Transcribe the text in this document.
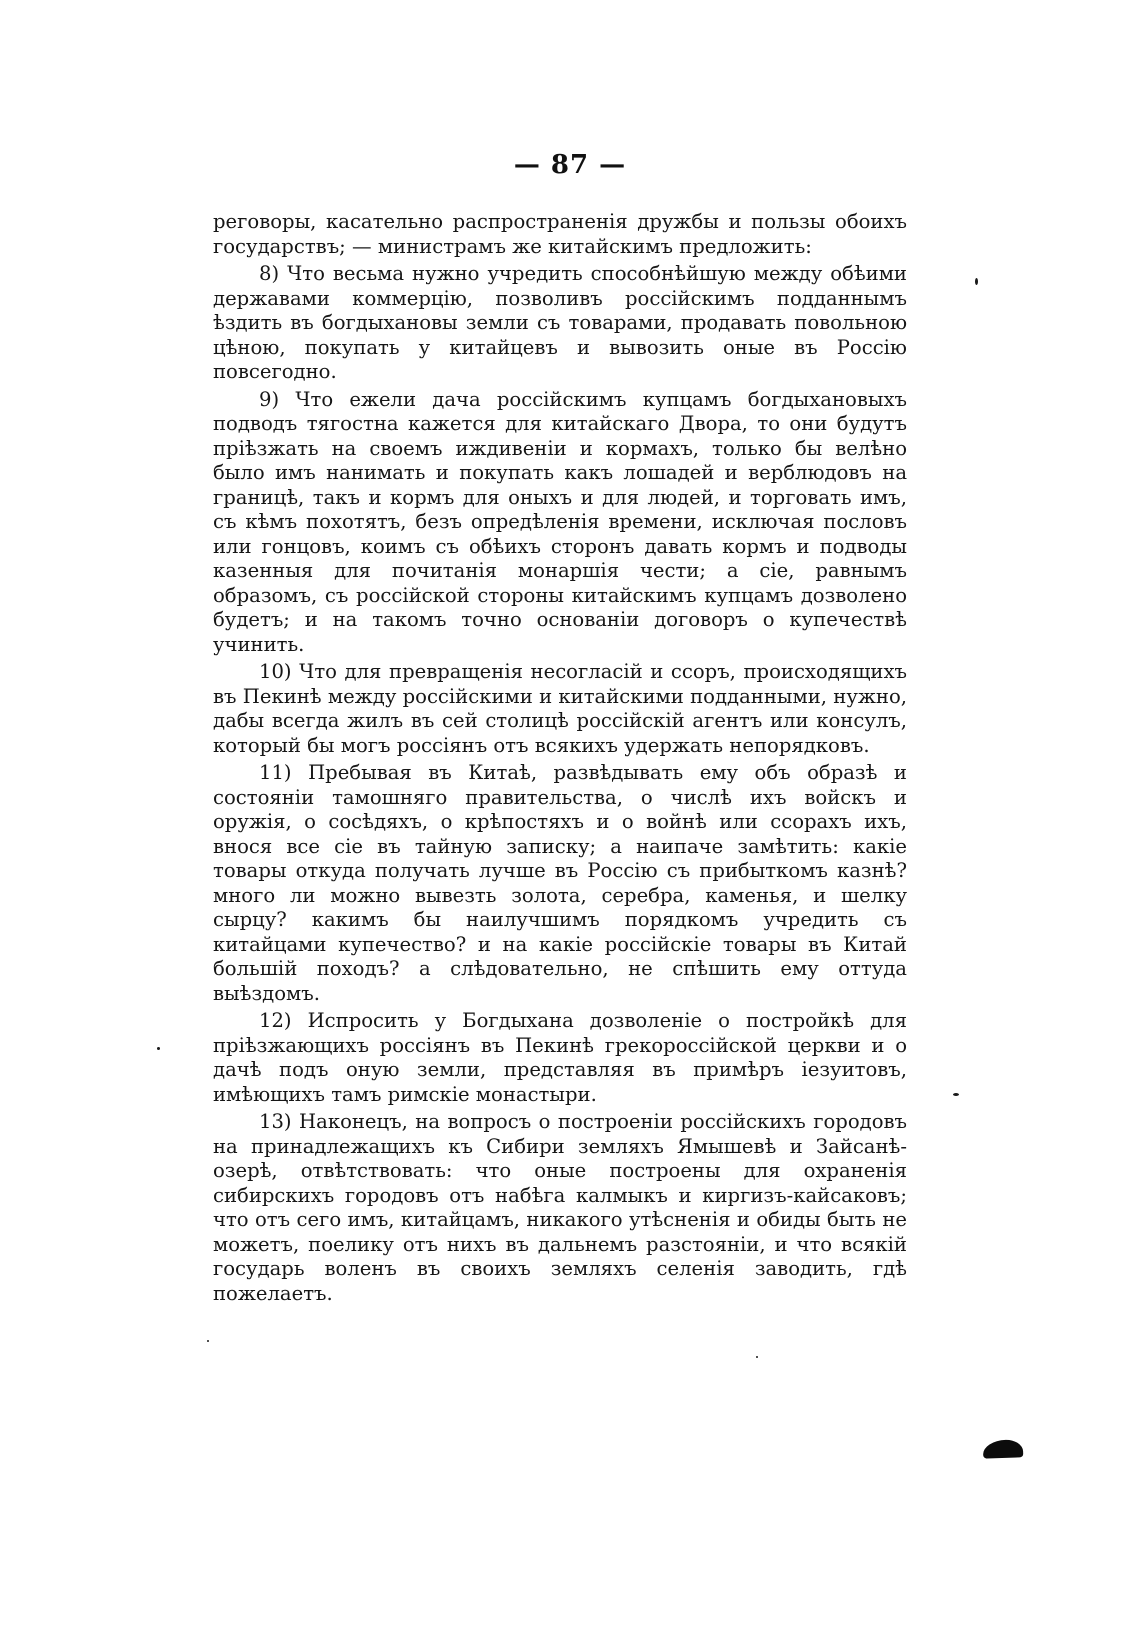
— 87 —

реговоры, касательно распространенія дружбы и пользы обоихъ государствъ; — министрамъ же китайскимъ предложить:

8) Что весьма нужно учредить способнѣйшую между обѣими державами коммерцію, позволивъ россійскимъ подданнымъ ѣздить въ богдыхановы земли съ товарами, продавать повольною цѣною, покупать у китайцевъ и вывозить оные въ Россію повсегодно.

9) Что ежели дача россійскимъ купцамъ богдыхановыхъ подводъ тягостна кажется для китайскаго Двора, то они будутъ пріѣзжать на своемъ иждивеніи и кормахъ, только бы велѣно было имъ нанимать и покупать какъ лошадей и верблюдовъ на границѣ, такъ и кормъ для оныхъ и для людей, и торговать имъ, съ кѣмъ похотятъ, безъ опредѣленія времени, исключая пословъ или гонцовъ, коимъ съ обѣихъ сторонъ давать кормъ и подводы казенныя для почитанія монаршія чести; а сіе, равнымъ образомъ, съ россійской стороны китайскимъ купцамъ дозволено будетъ; и на такомъ точно основаніи договоръ о купечествѣ учинить.

10) Что для превращенія несогласій и ссоръ, происходящихъ въ Пекинѣ между россійскими и китайскими подданными, нужно, дабы всегда жилъ въ сей столицѣ россійскій агентъ или консулъ, который бы могъ россіянъ отъ всякихъ удержать непорядковъ.

11) Пребывая въ Китаѣ, развѣдывать ему объ образѣ и состояніи тамошняго правительства, о числѣ ихъ войскъ и оружія, о сосѣдяхъ, о крѣпостяхъ и о войнѣ или ссорахъ ихъ, внося все сіе въ тайную записку; а наипаче замѣтить: какіе товары откуда получать лучше въ Россію съ прибыткомъ казнѣ? много ли можно вывезть золота, серебра, каменья, и шелку сырцу? какимъ бы наилучшимъ порядкомъ учредить съ китайцами купечество? и на какіе россійскіе товары въ Китай большій походъ? а слѣдовательно, не спѣшить ему оттуда выѣздомъ.

12) Испросить у Богдыхана дозволеніе о постройкѣ для пріѣзжающихъ россіянъ въ Пекинѣ грекороссійской церкви и о дачѣ подъ оную земли, представляя въ примѣръ іезуитовъ, имѣющихъ тамъ римскіе монастыри.

13) Наконецъ, на вопросъ о построеніи россійскихъ городовъ на принадлежащихъ къ Сибири земляхъ Ямышевѣ и Зайсанѣ-озерѣ, отвѣтствовать: что оные построены для охраненія сибирскихъ городовъ отъ набѣга калмыкъ и киргизъ-кайсаковъ; что отъ сего имъ, китайцамъ, никакого утѣсненія и обиды быть не можетъ, поелику отъ нихъ въ дальнемъ разстояніи, и что всякій государь воленъ въ своихъ земляхъ селенія заводить, гдѣ пожелаетъ.
